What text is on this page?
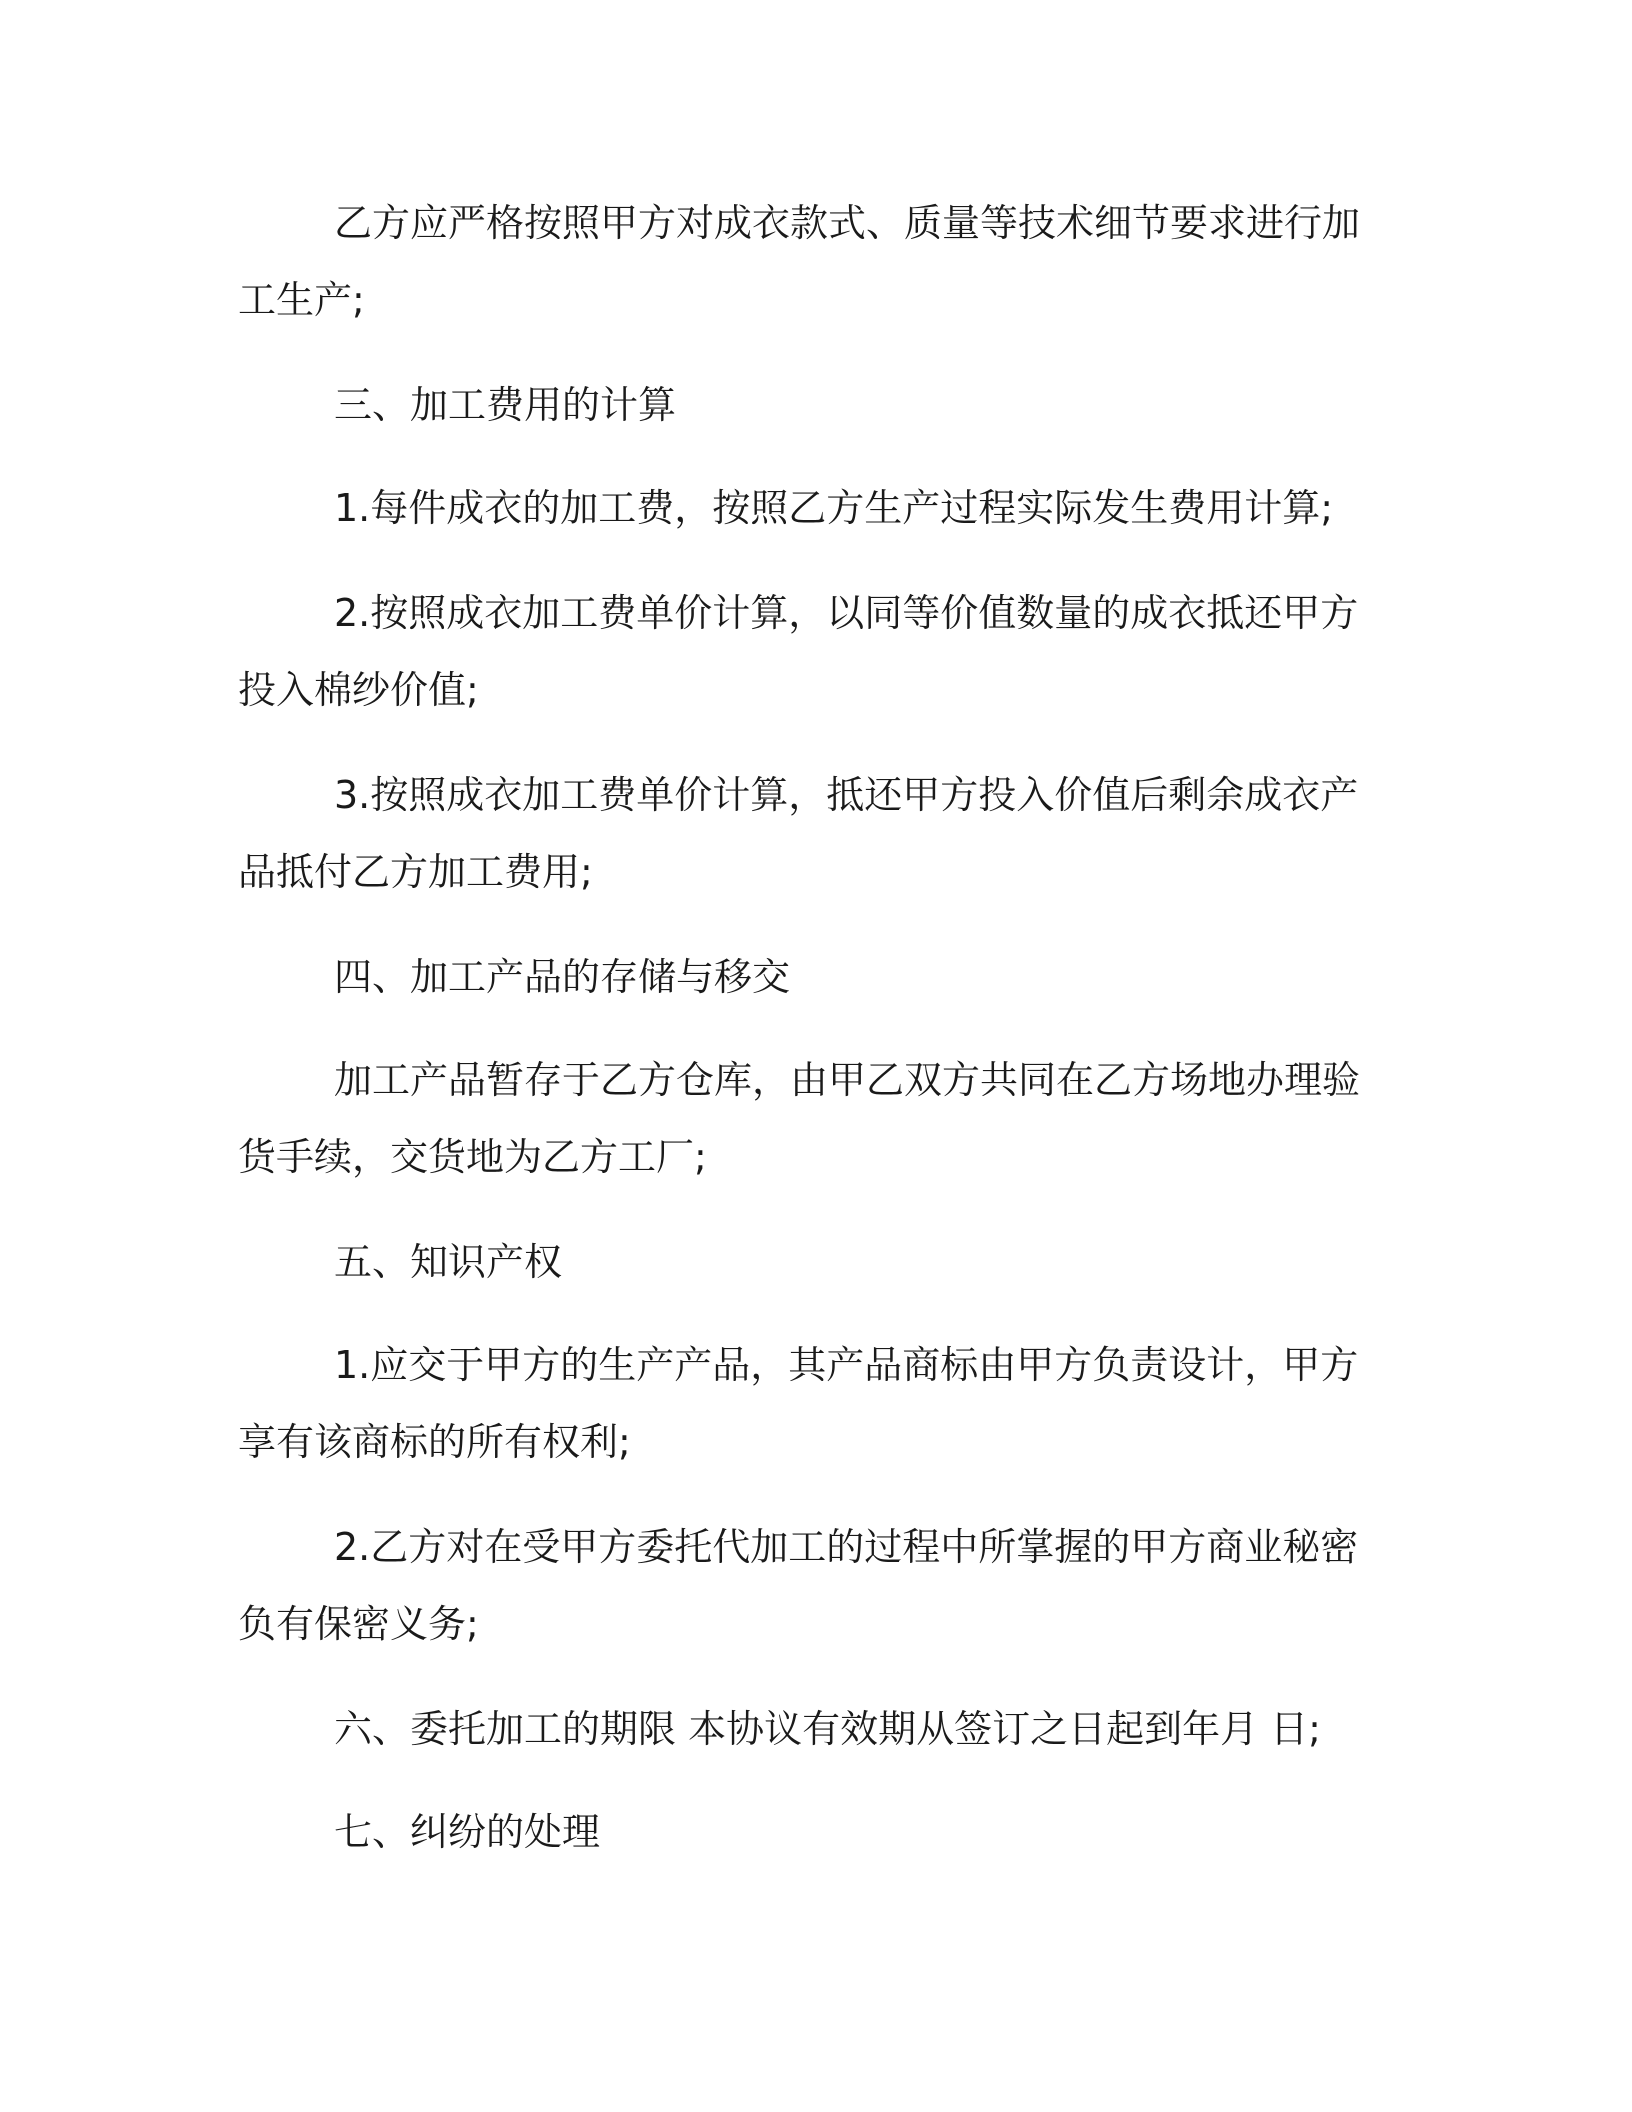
乙方应严格按照甲方对成衣款式、质量等技术细节要求进行加工生产;

三、加工费用的计算

1.每件成衣的加工费，按照乙方生产过程实际发生费用计算;

2.按照成衣加工费单价计算，以同等价值数量的成衣抵还甲方投入棉纱价值;

3.按照成衣加工费单价计算，抵还甲方投入价值后剩余成衣产品抵付乙方加工费用;

四、加工产品的存储与移交

加工产品暂存于乙方仓库，由甲乙双方共同在乙方场地办理验货手续，交货地为乙方工厂;

五、知识产权

1.应交于甲方的生产产品，其产品商标由甲方负责设计，甲方享有该商标的所有权利;

2.乙方对在受甲方委托代加工的过程中所掌握的甲方商业秘密负有保密义务;

六、委托加工的期限 本协议有效期从签订之日起到年月 日;

七、纠纷的处理
